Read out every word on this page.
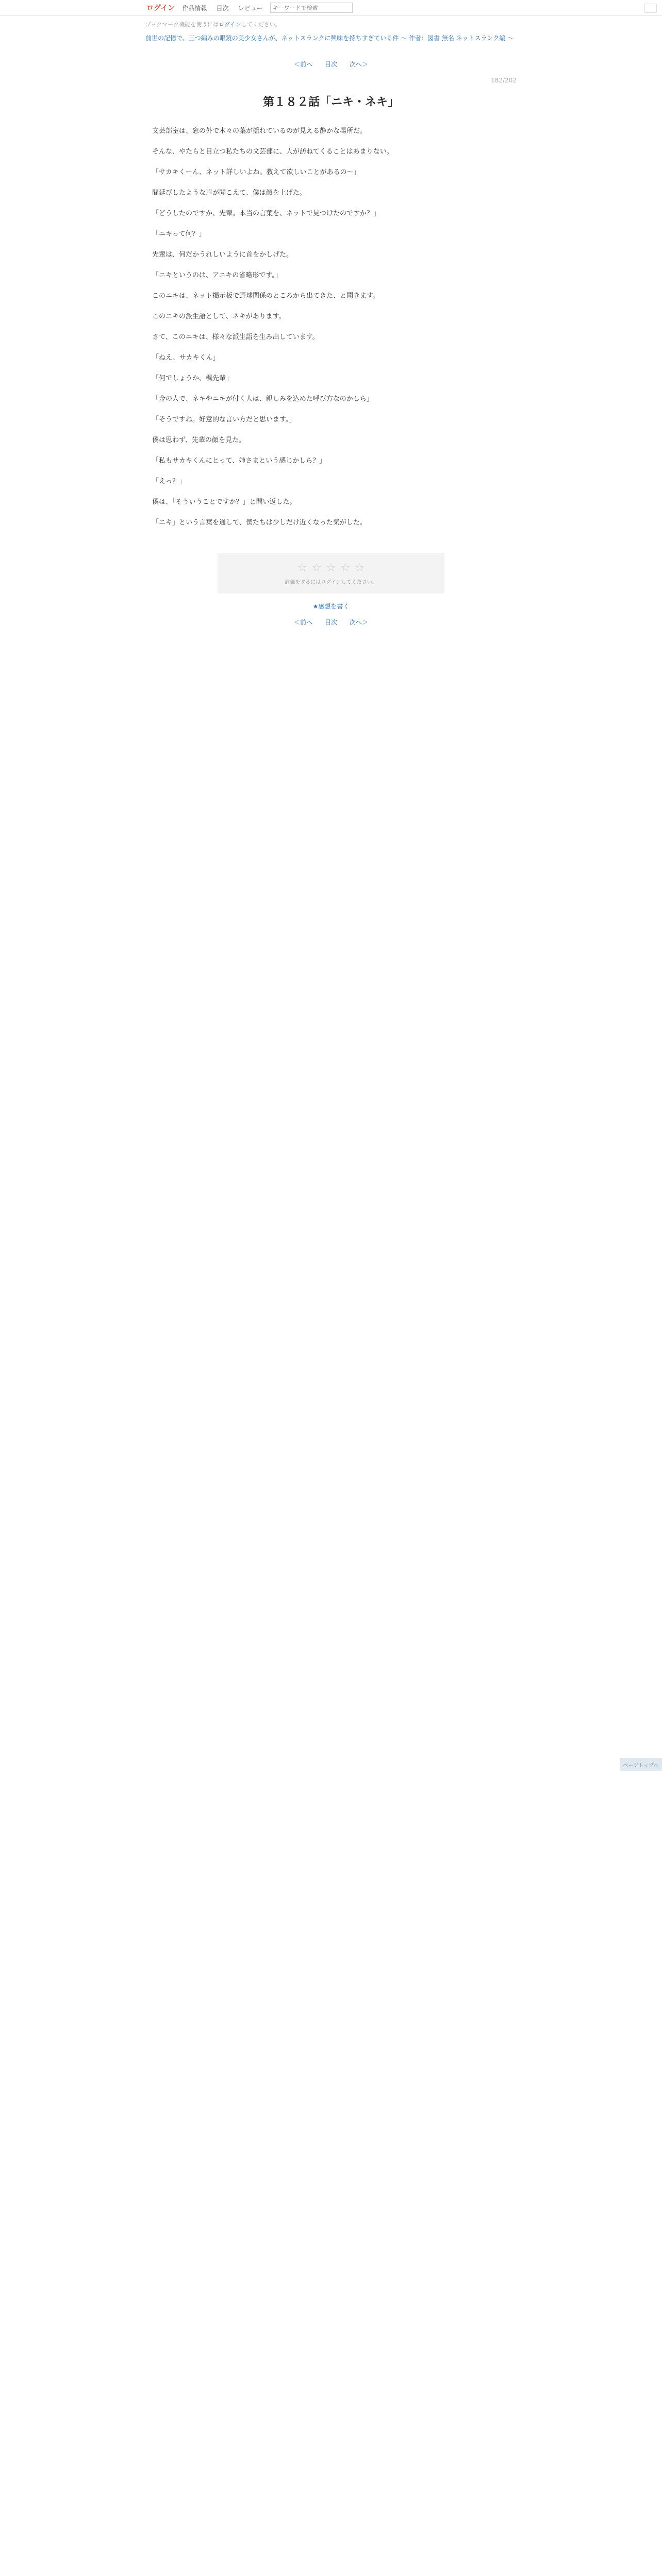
ログイン 作品情報 目次 レビュー
キーワードで検索
ブックマーク機能を使うにはログインしてください。
前世の記憶で、三つ編みの眼鏡の美少女さんが、ネットスランクに興味を持ちすぎている件 〜 作者：図書 無名 ネットスランク編 〜
＜前へ 目次 次へ＞
182/202
第１８２話「ニキ・ネキ」

文芸部室は、窓の外で木々の葉が揺れているのが見える静かな場所だ。

そんな、やたらと目立つ私たちの文芸部に、人が訪ねてくることはあまりない。

「サカキくーん、ネット詳しいよね。教えて欲しいことがあるの〜」

間延びしたような声が聞こえて、僕は顔を上げた。

「どうしたのですか、先輩。本当の言葉を、ネットで見つけたのですか？」

「ニキって何？」

先輩は、何だかうれしいように首をかしげた。

「ニキというのは、アニキの省略形です。」

このニキは、ネット掲示板で野球関係のところから出てきた、と聞きます。

このニキの派生語として、ネキがあります。

さて、このニキは、様々な派生語を生み出しています。

「ねえ、サカキくん」

「何でしょうか、楓先輩」

「金の人で、ネキやニキが付く人は、親しみを込めた呼び方なのかしら」

「そうですね。好意的な言い方だと思います。」

僕は思わず、先輩の顔を見た。

「私もサカキくんにとって、姉さまという感じかしら？」

「えっ？」

僕は、「そういうことですか？」と問い返した。

「ニキ」という言葉を通して、僕たちは少しだけ近くなった気がした。

☆ ☆ ☆ ☆ ☆
評価をするにはログインしてください。
★感想を書く
＜前へ 目次 次へ＞
ページトップへ
